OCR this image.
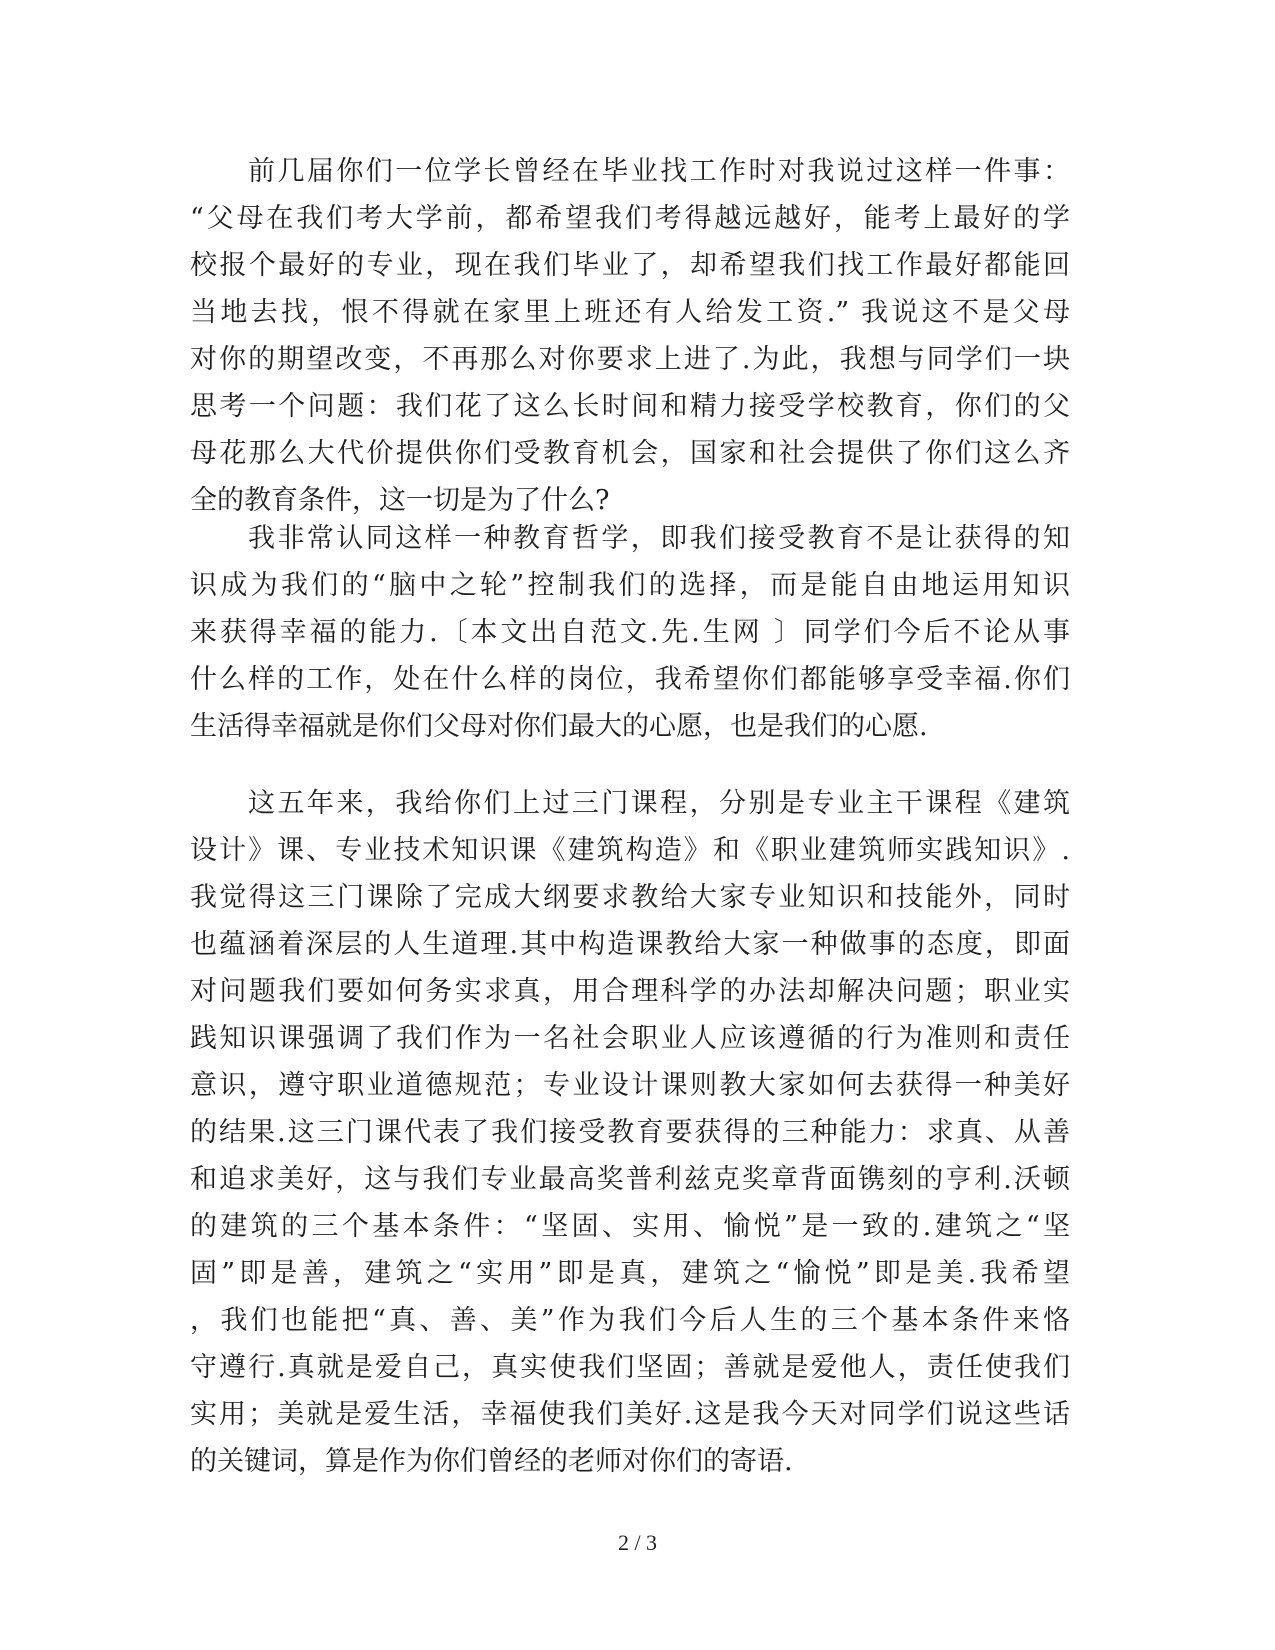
前几届你们一位学长曾经在毕业找工作时对我说过这样一件事：
“父母在我们考大学前，都希望我们考得越远越好，能考上最好的学
校报个最好的专业，现在我们毕业了，却希望我们找工作最好都能回
当地去找，恨不得就在家里上班还有人给发工资.” 我说这不是父母
对你的期望改变，不再那么对你要求上进了.为此，我想与同学们一块
思考一个问题：我们花了这么长时间和精力接受学校教育，你们的父
母花那么大代价提供你们受教育机会，国家和社会提供了你们这么齐
全的教育条件，这一切是为了什么?
我非常认同这样一种教育哲学，即我们接受教育不是让获得的知
识成为我们的“脑中之轮”控制我们的选择，而是能自由地运用知识
来获得幸福的能力.〔本文出自范文.先.生网 〕同学们今后不论从事
什么样的工作，处在什么样的岗位，我希望你们都能够享受幸福.你们
生活得幸福就是你们父母对你们最大的心愿，也是我们的心愿.
这五年来，我给你们上过三门课程，分别是专业主干课程《建筑
设计》课、专业技术知识课《建筑构造》和《职业建筑师实践知识》.
我觉得这三门课除了完成大纲要求教给大家专业知识和技能外，同时
也蕴涵着深层的人生道理.其中构造课教给大家一种做事的态度，即面
对问题我们要如何务实求真，用合理科学的办法却解决问题；职业实
践知识课强调了我们作为一名社会职业人应该遵循的行为准则和责任
意识，遵守职业道德规范；专业设计课则教大家如何去获得一种美好
的结果.这三门课代表了我们接受教育要获得的三种能力：求真、从善
和追求美好，这与我们专业最高奖普利兹克奖章背面镌刻的亨利.沃顿
的建筑的三个基本条件：“坚固、实用、愉悦”是一致的.建筑之“坚
固”即是善，建筑之“实用”即是真，建筑之“愉悦”即是美.我希望
，我们也能把“真、善、美”作为我们今后人生的三个基本条件来恪
守遵行.真就是爱自己，真实使我们坚固；善就是爱他人，责任使我们
实用；美就是爱生活，幸福使我们美好.这是我今天对同学们说这些话
的关键词，算是作为你们曾经的老师对你们的寄语.
2 / 3
